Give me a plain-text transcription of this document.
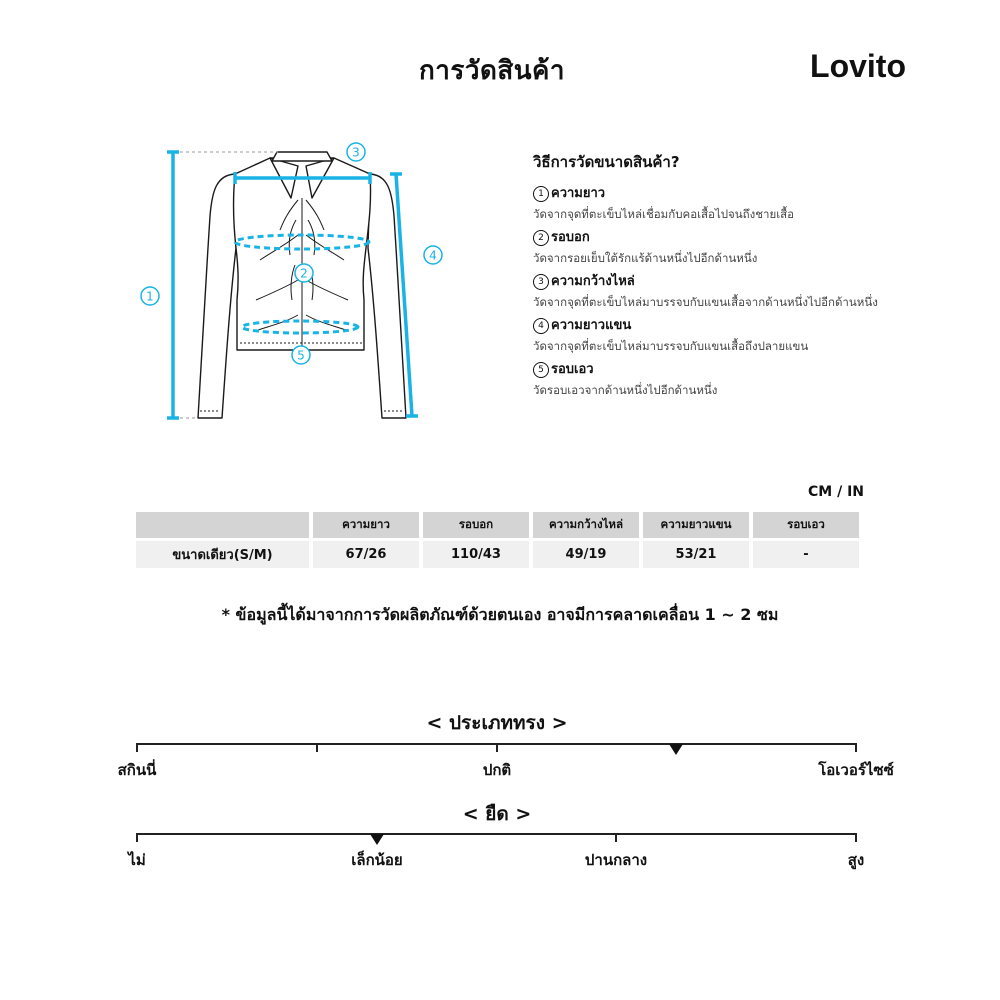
การวัดสินค้า	Lovito
1
2
3
4
5
วิธีการวัดขนาดสินค้า?
1 ความยาว
วัดจากจุดที่ตะเข็บไหล่เชื่อมกับคอเสื้อไปจนถึงชายเสื้อ
2 รอบอก
วัดจากรอยเย็บใต้รักแร้ด้านหนึ่งไปอีกด้านหนึ่ง
3 ความกว้างไหล่
วัดจากจุดที่ตะเข็บไหล่มาบรรจบกับแขนเสื้อจากด้านหนึ่งไปอีกด้านหนึ่ง
4 ความยาวแขน
วัดจากจุดที่ตะเข็บไหล่มาบรรจบกับแขนเสื้อถึงปลายแขน
5 รอบเอว
วัดรอบเอวจากด้านหนึ่งไปอีกด้านหนึ่ง
CM / IN
	ความยาว	รอบอก	ความกว้างไหล่	ความยาวแขน	รอบเอว
ขนาดเดียว(S/M)	67/26	110/43	49/19	53/21	-
* ข้อมูลนี้ได้มาจากการวัดผลิตภัณฑ์ด้วยตนเอง อาจมีการคลาดเคลื่อน 1 ~ 2 ซม
< ประเภททรง >
สกินนี่	ปกติ	โอเวอร์ไซซ์
< ยืด >
ไม่	เล็กน้อย	ปานกลาง	สูง
